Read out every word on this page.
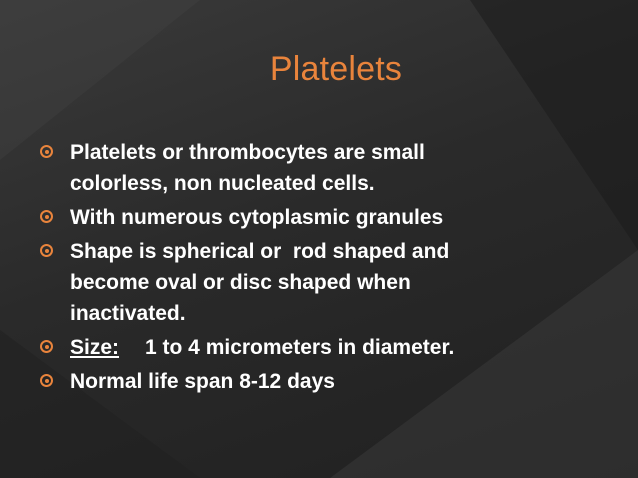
Platelets
Platelets or thrombocytes are small
colorless, non nucleated cells.
With numerous cytoplasmic granules
Shape is spherical or  rod shaped and
become oval or disc shaped when
inactivated.
Size: 1 to 4 micrometers in diameter.
Normal life span 8-12 days
